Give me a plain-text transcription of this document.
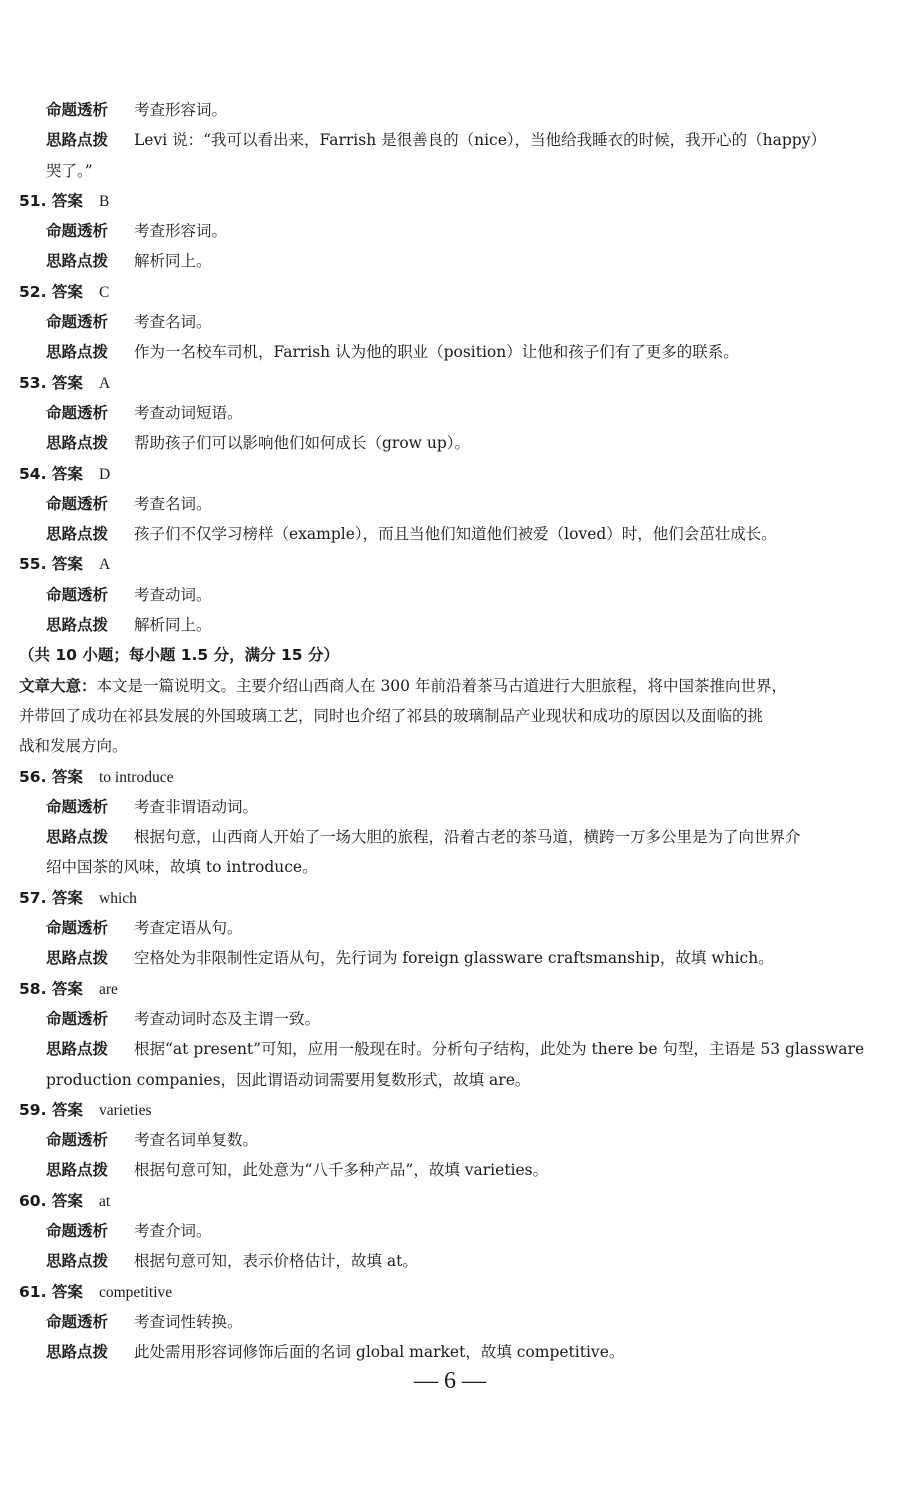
命题透析 考查形容词。
思路点拨 Levi 说：“我可以看出来，Farrish 是很善良的（nice），当他给我睡衣的时候，我开心的（happy）
哭了。”
51. 答案 B
命题透析 考查形容词。
思路点拨 解析同上。
52. 答案 C
命题透析 考查名词。
思路点拨 作为一名校车司机，Farrish 认为他的职业（position）让他和孩子们有了更多的联系。
53. 答案 A
命题透析 考查动词短语。
思路点拨 帮助孩子们可以影响他们如何成长（grow up）。
54. 答案 D
命题透析 考查名词。
思路点拨 孩子们不仅学习榜样（example），而且当他们知道他们被爱（loved）时，他们会茁壮成长。
55. 答案 A
命题透析 考查动词。
思路点拨 解析同上。
（共 10 小题；每小题 1.5 分，满分 15 分）
文章大意：本文是一篇说明文。主要介绍山西商人在 300 年前沿着茶马古道进行大胆旅程，将中国茶推向世界，
并带回了成功在祁县发展的外国玻璃工艺，同时也介绍了祁县的玻璃制品产业现状和成功的原因以及面临的挑
战和发展方向。
56. 答案 to introduce
命题透析 考查非谓语动词。
思路点拨 根据句意，山西商人开始了一场大胆的旅程，沿着古老的茶马道，横跨一万多公里是为了向世界介
绍中国茶的风味，故填 to introduce。
57. 答案 which
命题透析 考查定语从句。
思路点拨 空格处为非限制性定语从句，先行词为 foreign glassware craftsmanship，故填 which。
58. 答案 are
命题透析 考查动词时态及主谓一致。
思路点拨 根据“at present”可知，应用一般现在时。分析句子结构，此处为 there be 句型，主语是 53 glassware
production companies，因此谓语动词需要用复数形式，故填 are。
59. 答案 varieties
命题透析 考查名词单复数。
思路点拨 根据句意可知，此处意为“八千多种产品”，故填 varieties。
60. 答案 at
命题透析 考查介词。
思路点拨 根据句意可知，表示价格估计，故填 at。
61. 答案 competitive
命题透析 考查词性转换。
思路点拨 此处需用形容词修饰后面的名词 global market，故填 competitive。
— 6 —
